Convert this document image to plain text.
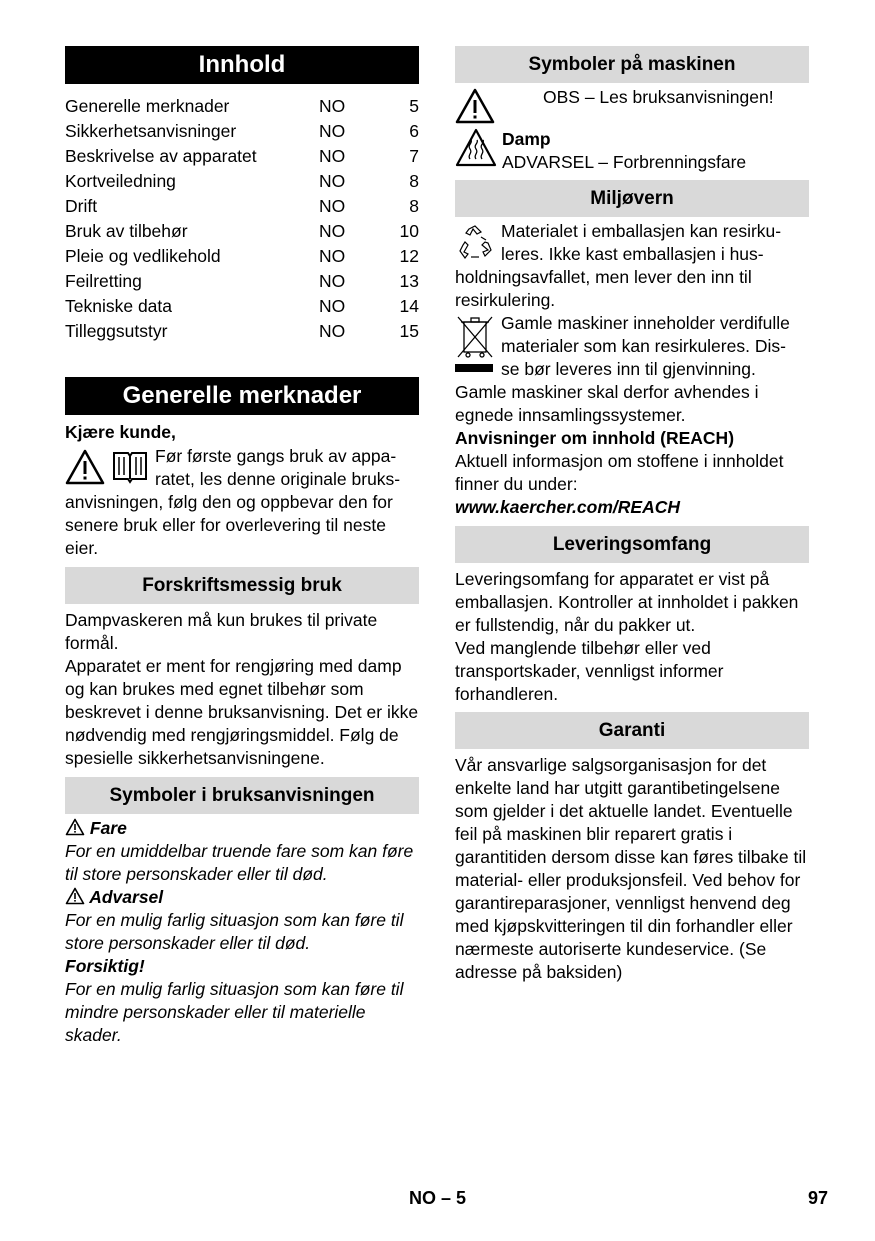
Innhold
Generelle merknader	NO	5
Sikkerhetsanvisninger	NO	6
Beskrivelse av apparatet	NO	7
Kortveiledning	NO	8
Drift	NO	8
Bruk av tilbehør	NO	10
Pleie og vedlikehold	NO	12
Feilretting	NO	13
Tekniske data	NO	14
Tilleggsutstyr	NO	15
Generelle merknader

Kjære kunde,

Før første gangs bruk av appa-

ratet, les denne originale bruks-

anvisningen, følg den og oppbevar den for senere bruk eller for overlevering til neste eier.

Forskriftsmessig bruk

Dampvaskeren må kun brukes til private formål.

Apparatet er ment for rengjøring med damp og kan brukes med egnet tilbehør som beskrevet i denne bruksanvisning. Det er ikke nødvendig med rengjøringsmiddel. Følg de spesielle sikkerhetsanvisningene.

Symboler i bruksanvisningen

Fare

For en umiddelbar truende fare som kan føre til store personskader eller til død.

Advarsel

For en mulig farlig situasjon som kan føre til store personskader eller til død.

Forsiktig!

For en mulig farlig situasjon som kan føre til mindre personskader eller til materielle skader.

Symboler på maskinen

OBS – Les bruksanvisningen!

Damp

ADVARSEL – Forbrenningsfare

Miljøvern

Materialet i emballasjen kan resirku-

leres. Ikke kast emballasjen i hus-

holdningsavfallet, men lever den inn til resirkulering.

Gamle maskiner inneholder verdifulle

materialer som kan resirkuleres. Dis-

se bør leveres inn til gjenvinning.

Gamle maskiner skal derfor avhendes i egnede innsamlingssystemer.

Anvisninger om innhold (REACH)

Aktuell informasjon om stoffene i innholdet finner du under:

www.kaercher.com/REACH

Leveringsomfang

Leveringsomfang for apparatet er vist på emballasjen. Kontroller at innholdet i pakken er fullstendig, når du pakker ut.

Ved manglende tilbehør eller ved transportskader, vennligst informer forhandleren.

Garanti

Vår ansvarlige salgsorganisasjon for det enkelte land har utgitt garantibetingelsene som gjelder i det aktuelle landet. Eventuelle feil på maskinen blir reparert gratis i garantitiden dersom disse kan føres tilbake til material- eller produksjonsfeil. Ved behov for garantireparasjoner, vennligst henvend deg med kjøpskvitteringen til din forhandler eller nærmeste autoriserte kundeservice. (Se adresse på baksiden)

NO – 5	97
